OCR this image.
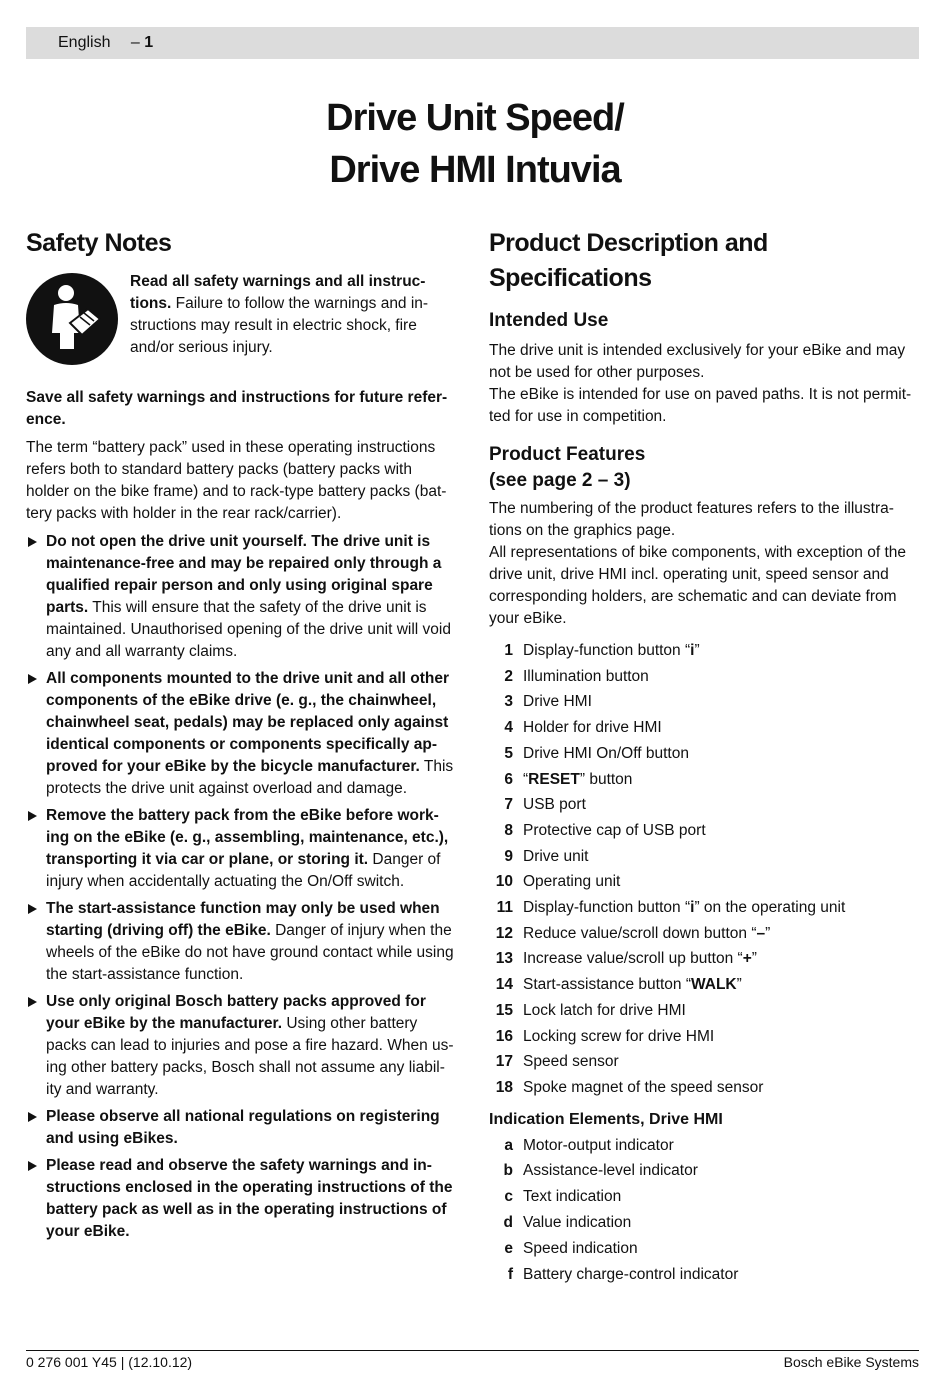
English – 1
Drive Unit Speed/
Drive HMI Intuvia
Safety Notes
Read all safety warnings and all instruc-tions. Failure to follow the warnings and in-structions may result in electric shock, fire and/or serious injury.

Save all safety warnings and instructions for future refer-ence.

The term “battery pack” used in these operating instructions refers both to standard battery packs (battery packs with holder on the bike frame) and to rack-type battery packs (bat-tery packs with holder in the rear rack/carrier).

Do not open the drive unit yourself. The drive unit is maintenance-free and may be repaired only through a qualified repair person and only using original spare parts. This will ensure that the safety of the drive unit is maintained. Unauthorised opening of the drive unit will void any and all warranty claims.
All components mounted to the drive unit and all other components of the eBike drive (e. g., the chainwheel, chainwheel seat, pedals) may be replaced only against identical components or components specifically ap-proved for your eBike by the bicycle manufacturer. This protects the drive unit against overload and damage.
Remove the battery pack from the eBike before work-ing on the eBike (e. g., assembling, maintenance, etc.), transporting it via car or plane, or storing it. Danger of injury when accidentally actuating the On/Off switch.
The start-assistance function may only be used when starting (driving off) the eBike. Danger of injury when the wheels of the eBike do not have ground contact while using the start-assistance function.
Use only original Bosch battery packs approved for your eBike by the manufacturer. Using other battery packs can lead to injuries and pose a fire hazard. When us-ing other battery packs, Bosch shall not assume any liabil-ity and warranty.
Please observe all national regulations on registering and using eBikes.
Please read and observe the safety warnings and in-structions enclosed in the operating instructions of the battery pack as well as in the operating instructions of your eBike.
Product Description and Specifications
Intended Use

The drive unit is intended exclusively for your eBike and may not be used for other purposes.

The eBike is intended for use on paved paths. It is not permit-ted for use in competition.

Product Features
(see page 2 – 3)

The numbering of the product features refers to the illustra-tions on the graphics page.

All representations of bike components, with exception of the drive unit, drive HMI incl. operating unit, speed sensor and corresponding holders, are schematic and can deviate from your eBike.

1 Display-function button “i”
2 Illumination button
3 Drive HMI
4 Holder for drive HMI
5 Drive HMI On/Off button
6 “RESET” button
7 USB port
8 Protective cap of USB port
9 Drive unit
10 Operating unit
11 Display-function button “i” on the operating unit
12 Reduce value/scroll down button “–”
13 Increase value/scroll up button “+”
14 Start-assistance button “WALK”
15 Lock latch for drive HMI
16 Locking screw for drive HMI
17 Speed sensor
18 Spoke magnet of the speed sensor
Indication Elements, Drive HMI
a Motor-output indicator
b Assistance-level indicator
c Text indication
d Value indication
e Speed indication
f Battery charge-control indicator
0 276 001 Y45 | (12.10.12)	Bosch eBike Systems
